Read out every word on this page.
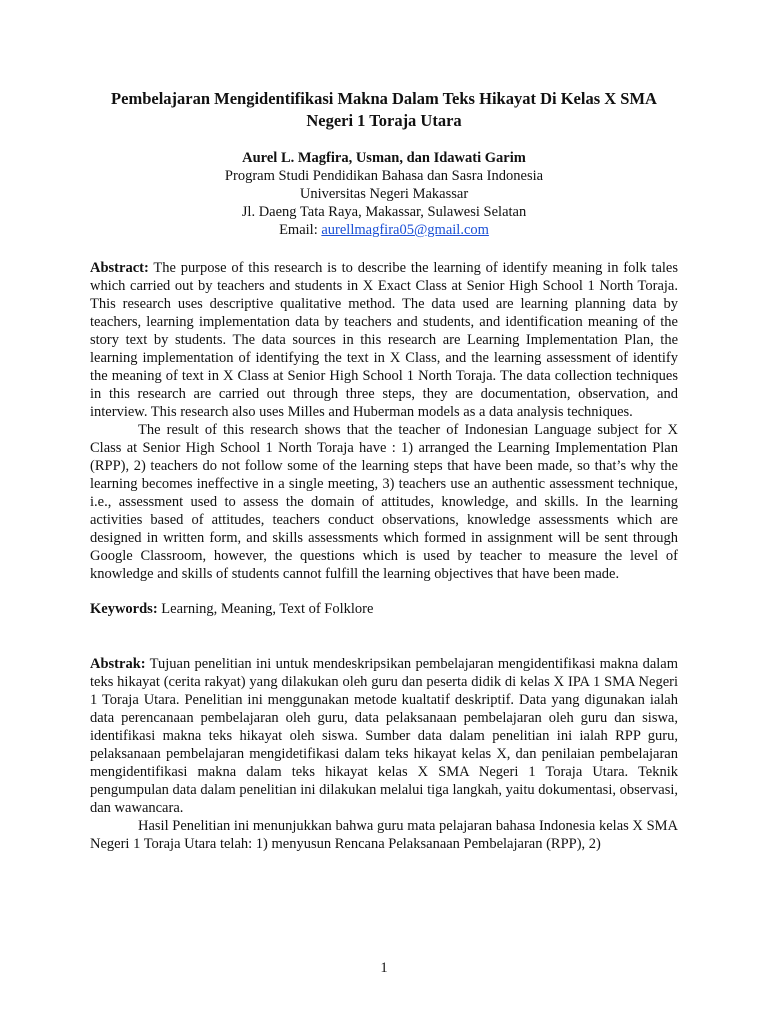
Pembelajaran Mengidentifikasi Makna Dalam Teks Hikayat Di Kelas X SMA Negeri 1 Toraja Utara
Aurel L. Magfira, Usman, dan Idawati Garim
Program Studi Pendidikan Bahasa dan Sasra Indonesia
Universitas Negeri Makassar
Jl. Daeng Tata Raya, Makassar, Sulawesi Selatan
Email: aurellmagfira05@gmail.com

Abstract: The purpose of this research is to describe the learning of identify meaning in folk tales which carried out by teachers and students in X Exact Class at Senior High School 1 North Toraja. This research uses descriptive qualitative method. The data used are learning planning data by teachers, learning implementation data by teachers and students, and identification meaning of the story text by students. The data sources in this research are Learning Implementation Plan, the learning implementation of identifying the text in X Class, and the learning assessment of identify the meaning of text in X Class at Senior High School 1 North Toraja. The data collection techniques in this research are carried out through three steps, they are documentation, observation, and interview. This research also uses Milles and Huberman models as a data analysis techniques.

The result of this research shows that the teacher of Indonesian Language subject for X Class at Senior High School 1 North Toraja have : 1) arranged the Learning Implementation Plan (RPP), 2) teachers do not follow some of the learning steps that have been made, so that’s why the learning becomes ineffective in a single meeting, 3) teachers use an authentic assessment technique, i.e., assessment used to assess the domain of attitudes, knowledge, and skills. In the learning activities based of attitudes, teachers conduct observations, knowledge assessments which are designed in written form, and skills assessments which formed in assignment will be sent through Google Classroom, however, the questions which is used by teacher to measure the level of knowledge and skills of students cannot fulfill the learning objectives that have been made.

Keywords: Learning, Meaning, Text of Folklore

Abstrak: Tujuan penelitian ini untuk mendeskripsikan pembelajaran mengidentifikasi makna dalam teks hikayat (cerita rakyat) yang dilakukan oleh guru dan peserta didik di kelas X IPA 1 SMA Negeri 1 Toraja Utara. Penelitian ini menggunakan metode kualtatif deskriptif. Data yang digunakan ialah data perencanaan pembelajaran oleh guru, data pelaksanaan pembelajaran oleh guru dan siswa, identifikasi makna teks hikayat oleh siswa. Sumber data dalam penelitian ini ialah RPP guru, pelaksanaan pembelajaran mengidetifikasi dalam teks hikayat kelas X, dan penilaian pembelajaran mengidentifikasi makna dalam teks hikayat kelas X SMA Negeri 1 Toraja Utara. Teknik pengumpulan data dalam penelitian ini dilakukan melalui tiga langkah, yaitu dokumentasi, observasi, dan wawancara.

Hasil Penelitian ini menunjukkan bahwa guru mata pelajaran bahasa Indonesia kelas X SMA Negeri 1 Toraja Utara telah: 1) menyusun Rencana Pelaksanaan Pembelajaran (RPP), 2)

1
